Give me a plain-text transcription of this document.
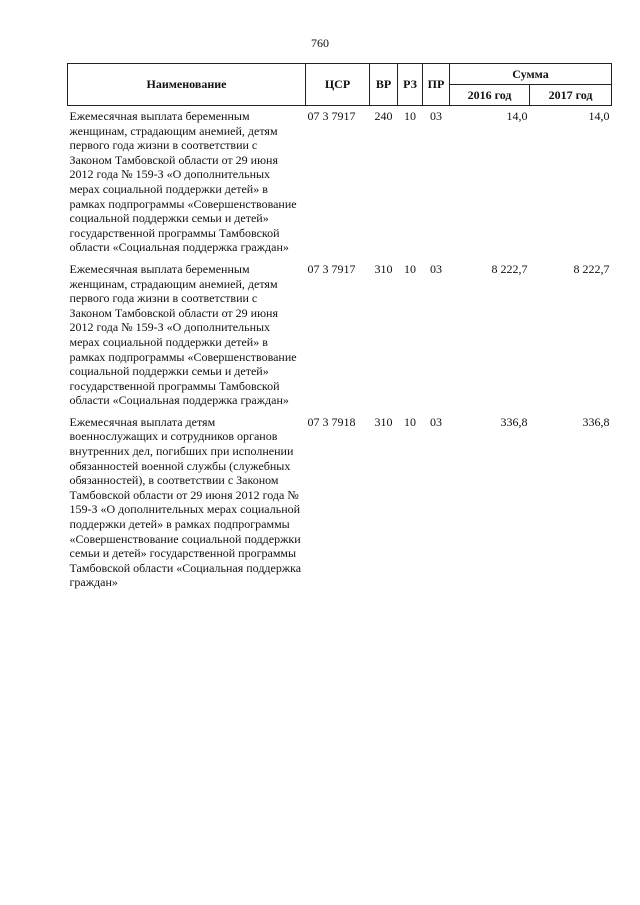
760
Наименование	ЦСР	ВР	РЗ	ПР	Сумма	
					2016 год	2017 год
Ежемесячная выплата беременным женщинам, страдающим анемией, детям первого года жизни в соответствии с Законом Тамбовской области от 29 июня 2012 года № 159-З «О дополнительных мерах социальной поддержки детей» в рамках подпрограммы «Совершенствование социальной поддержки семьи и детей» государственной программы Тамбовской области «Социальная поддержка граждан»	07 3 7917	240	10	03	14,0	14,0
Ежемесячная выплата беременным женщинам, страдающим анемией, детям первого года жизни в соответствии с Законом Тамбовской области от 29 июня 2012 года № 159-З «О дополнительных мерах социальной поддержки детей» в рамках подпрограммы «Совершенствование социальной поддержки семьи и детей» государственной программы Тамбовской области «Социальная поддержка граждан»	07 3 7917	310	10	03	8 222,7	8 222,7
Ежемесячная выплата детям военнослужащих и сотрудников органов внутренних дел, погибших при исполнении обязанностей военной службы (служебных обязанностей), в соответствии с Законом Тамбовской области от 29 июня 2012 года № 159-З «О дополнительных мерах социальной поддержки детей» в рамках подпрограммы «Совершенствование социальной поддержки семьи и детей» государственной программы Тамбовской области «Социальная поддержка граждан»	07 3 7918	310	10	03	336,8	336,8
